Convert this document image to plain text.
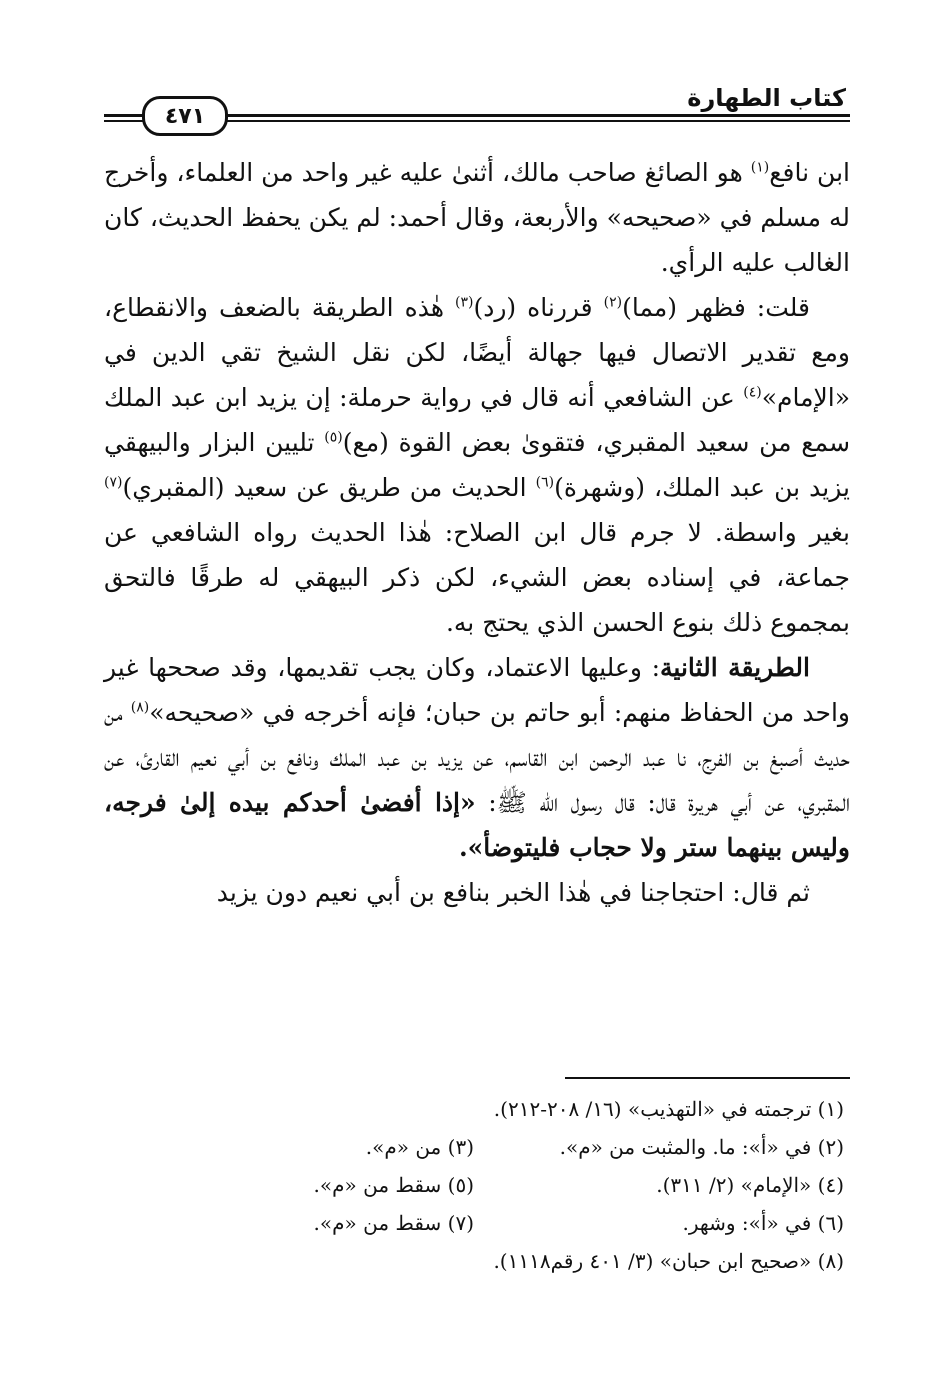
كتاب الطهارة
٤٧١

ابن نافع$^{(١)}$ هو الصائغ صاحب مالك، أثنىٰ عليه غير واحد من العلماء، وأخرج له مسلم في «صحيحه» والأربعة، وقال أحمد: لم يكن يحفظ الحديث، كان الغالب عليه الرأي.

قلت: فظهر (مما)$^{(٢)}$ قررناه (رد)$^{(٣)}$ هٰذه الطريقة بالضعف والانقطاع، ومع تقدير الاتصال فيها جهالة أيضًا، لكن نقل الشيخ تقي الدين في «الإمام»$^{(٤)}$ عن الشافعي أنه قال في رواية حرملة: إن يزيد ابن عبد الملك سمع من سعيد المقبري، فتقوىٰ بعض القوة (مع)$^{(٥)}$ تليين البزار والبيهقي يزيد بن عبد الملك، (وشهرة)$^{(٦)}$ الحديث من طريق عن سعيد (المقبري)$^{(٧)}$ بغير واسطة. لا جرم قال ابن الصلاح: هٰذا الحديث رواه الشافعي عن جماعة، في إسناده بعض الشيء، لكن ذكر البيهقي له طرقًا فالتحق بمجموع ذلك بنوع الحسن الذي يحتج به.

الطريقة الثانية: وعليها الاعتماد، وكان يجب تقديمها، وقد صححها غير واحد من الحفاظ منهم: أبو حاتم بن حبان؛ فإنه أخرجه في «صحيحه»$^{(٨)}$ من حديث أصبغ بن الفرج، نا عبد الرحمن ابن القاسم، عن يزيد بن عبد الملك ونافع بن أبي نعيم القارئ، عن المقبري، عن أبي هريرة قال: قال رسول الله ﷺ: «إذا أفضىٰ أحدكم بيده إلىٰ فرجه، وليس بينهما ستر ولا حجاب فليتوضأ».

ثم قال: احتجاجنا في هٰذا الخبر بنافع بن أبي نعيم دون يزيد

(١) ترجمته في «التهذيب» (١٦/ ٢٠٨-٢١٢).
(٢) في «أ»: ما. والمثبت من «م».
(٣) من «م».
(٤) «الإمام» (٢/ ٣١١).
(٥) سقط من «م».
(٦) في «أ»: وشهر.
(٧) سقط من «م».
(٨) «صحيح ابن حبان» (٣/ ٤٠١ رقم١١١٨).
